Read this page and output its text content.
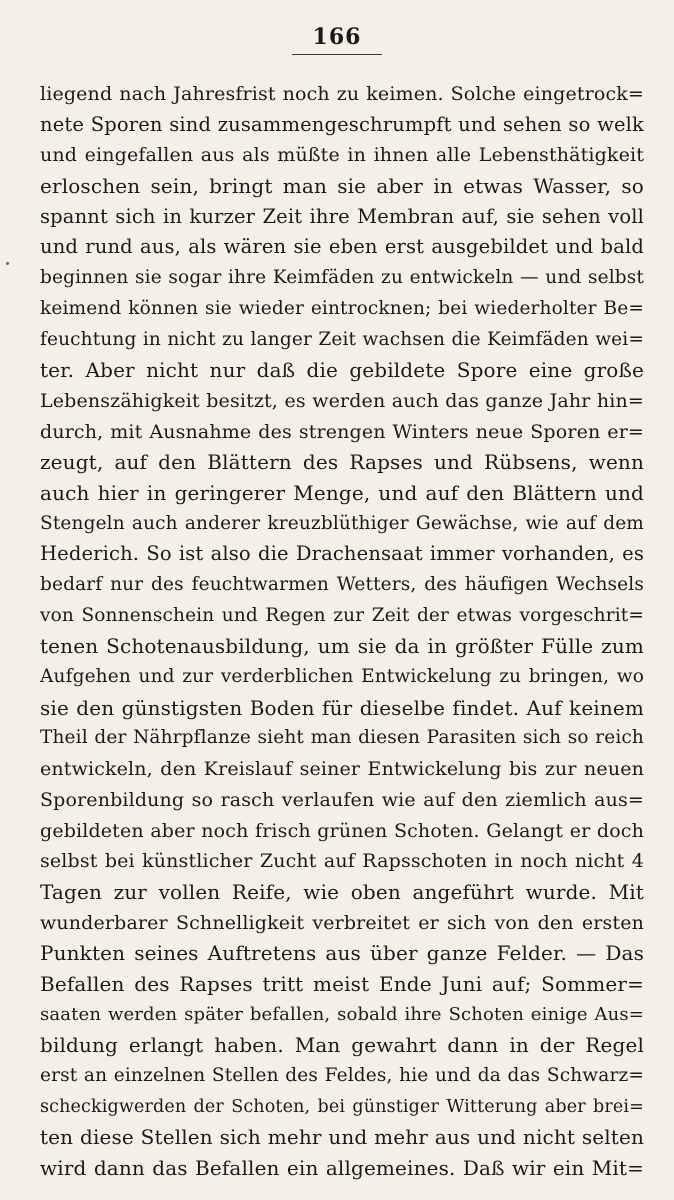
166
liegend nach Jahresfrist noch zu keimen. Solche eingetrock=
nete Sporen sind zusammengeschrumpft und sehen so welk
und eingefallen aus als müßte in ihnen alle Lebensthätigkeit
erloschen sein, bringt man sie aber in etwas Wasser, so
spannt sich in kurzer Zeit ihre Membran auf, sie sehen voll
und rund aus, als wären sie eben erst ausgebildet und bald
beginnen sie sogar ihre Keimfäden zu entwickeln — und selbst
keimend können sie wieder eintrocknen; bei wiederholter Be=
feuchtung in nicht zu langer Zeit wachsen die Keimfäden wei=
ter. Aber nicht nur daß die gebildete Spore eine große
Lebenszähigkeit besitzt, es werden auch das ganze Jahr hin=
durch, mit Ausnahme des strengen Winters neue Sporen er=
zeugt, auf den Blättern des Rapses und Rübsens, wenn
auch hier in geringerer Menge, und auf den Blättern und
Stengeln auch anderer kreuzblüthiger Gewächse, wie auf dem
Hederich. So ist also die Drachensaat immer vorhanden, es
bedarf nur des feuchtwarmen Wetters, des häufigen Wechsels
von Sonnenschein und Regen zur Zeit der etwas vorgeschrit=
tenen Schotenausbildung, um sie da in größter Fülle zum
Aufgehen und zur verderblichen Entwickelung zu bringen, wo
sie den günstigsten Boden für dieselbe findet. Auf keinem
Theil der Nährpflanze sieht man diesen Parasiten sich so reich
entwickeln, den Kreislauf seiner Entwickelung bis zur neuen
Sporenbildung so rasch verlaufen wie auf den ziemlich aus=
gebildeten aber noch frisch grünen Schoten. Gelangt er doch
selbst bei künstlicher Zucht auf Rapsschoten in noch nicht 4
Tagen zur vollen Reife, wie oben angeführt wurde. Mit
wunderbarer Schnelligkeit verbreitet er sich von den ersten
Punkten seines Auftretens aus über ganze Felder. — Das
Befallen des Rapses tritt meist Ende Juni auf; Sommer=
saaten werden später befallen, sobald ihre Schoten einige Aus=
bildung erlangt haben. Man gewahrt dann in der Regel
erst an einzelnen Stellen des Feldes, hie und da das Schwarz=
scheckigwerden der Schoten, bei günstiger Witterung aber brei=
ten diese Stellen sich mehr und mehr aus und nicht selten
wird dann das Befallen ein allgemeines. Daß wir ein Mit=
